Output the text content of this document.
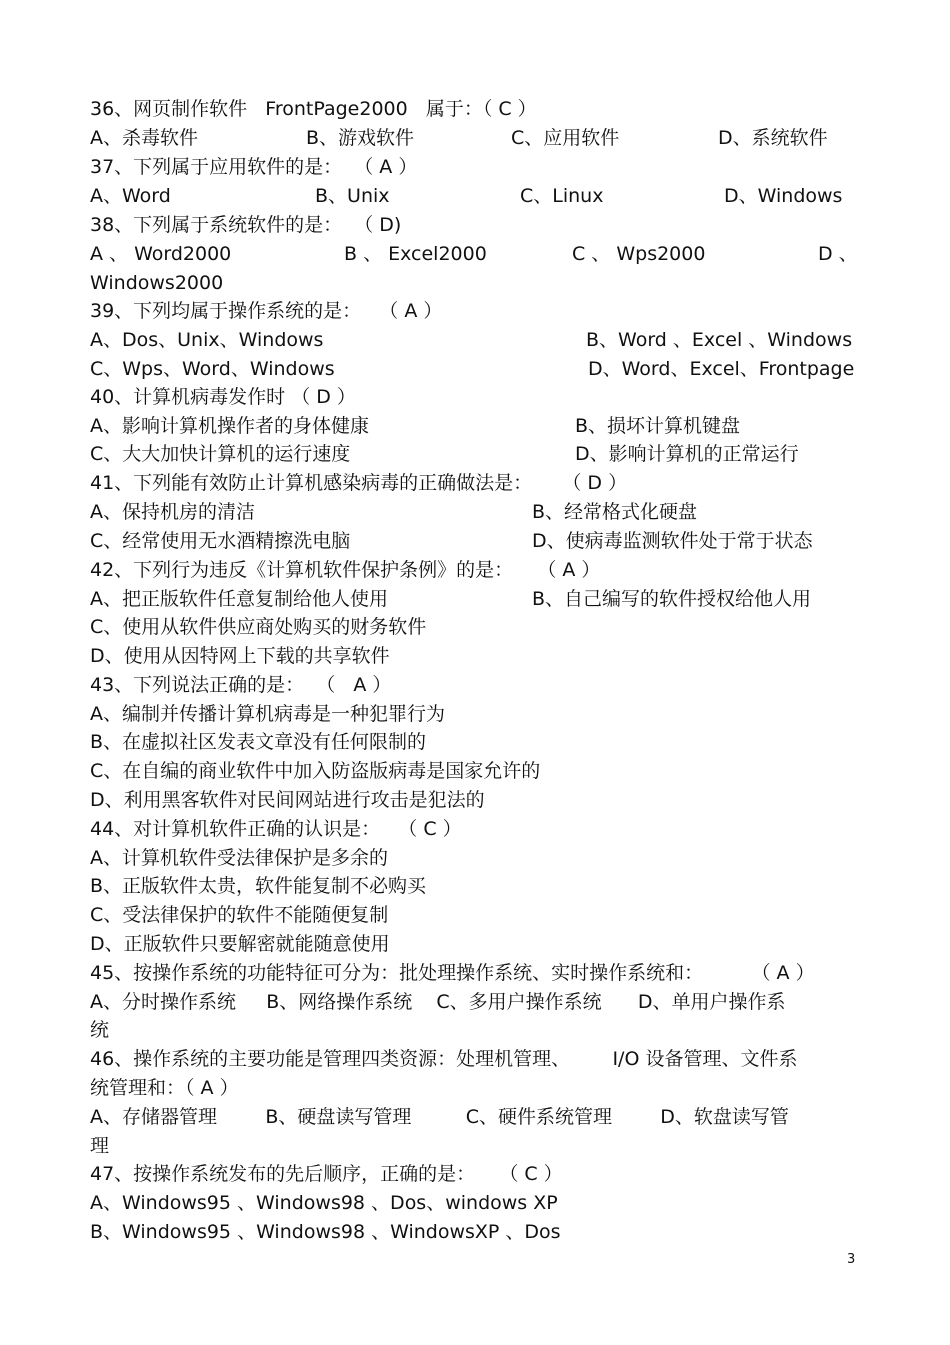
36、网页制作软件   FrontPage2000   属于：（ C ）
A、杀毒软件	B、游戏软件	C、应用软件	D、系统软件
37、下列属于应用软件的是：  （ A ）
A、Word	B、Unix	C、Linux	D、Windows
38、下列属于系统软件的是：  （ D)
A 、 Word2000	B 、 Excel2000	C 、 Wps2000	D 、
Windows2000
39、下列均属于操作系统的是：   （ A ）
A、Dos、Unix、Windows	B、Word 、Excel 、Windows
C、Wps、Word、Windows	D、Word、Excel、Frontpage
40、计算机病毒发作时 （ D ）
A、影响计算机操作者的身体健康	B、损坏计算机键盘
C、大大加快计算机的运行速度	D、影响计算机的正常运行
41、下列能有效防止计算机感染病毒的正确做法是：     （ D ）
A、保持机房的清洁	B、经常格式化硬盘
C、经常使用无水酒精擦洗电脑	D、使病毒监测软件处于常于状态
42、下列行为违反《计算机软件保护条例》的是：    （ A ）
A、把正版软件任意复制给他人使用	B、自己编写的软件授权给他人用
C、使用从软件供应商处购买的财务软件
D、使用从因特网上下载的共享软件
43、下列说法正确的是：  （   A ）
A、编制并传播计算机病毒是一种犯罪行为
B、在虚拟社区发表文章没有任何限制的
C、在自编的商业软件中加入防盗版病毒是国家允许的
D、利用黑客软件对民间网站进行攻击是犯法的
44、对计算机软件正确的认识是：   （ C ）
A、计算机软件受法律保护是多余的
B、正版软件太贵，软件能复制不必购买
C、受法律保护的软件不能随便复制
D、正版软件只要解密就能随意使用
45、按操作系统的功能特征可分为：批处理操作系统、实时操作系统和：        （ A ）
A、分时操作系统     B、网络操作系统    C、多用户操作系统      D、单用户操作系
统
46、操作系统的主要功能是管理四类资源：处理机管理、       I/O 设备管理、文件系
统管理和：（ A ）
A、存储器管理        B、硬盘读写管理         C、硬件系统管理        D、软盘读写管
理
47、按操作系统发布的先后顺序，正确的是：    （ C ）
A、Windows95 、Windows98 、Dos、windows XP
B、Windows95 、Windows98 、WindowsXP 、Dos
3
